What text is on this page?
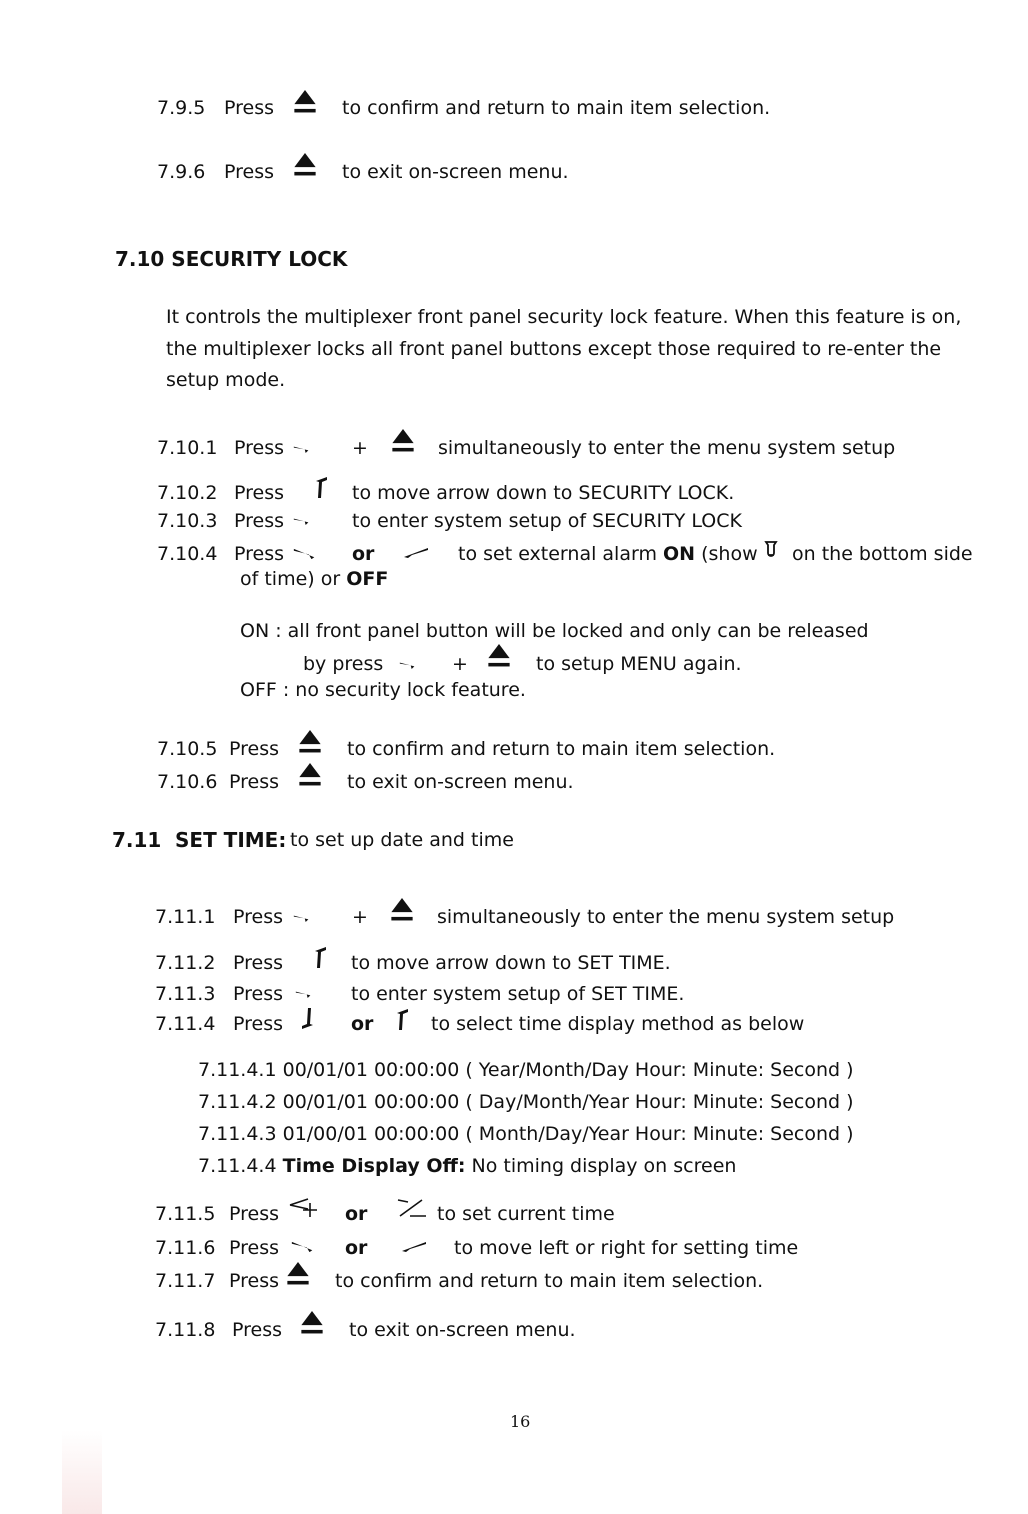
7.9.5 Press	to confirm and return to main item selection.
7.9.6 Press	to exit on-screen menu.
7.10 SECURITY LOCK
It controls the multiplexer front panel security lock feature. When this feature is on, the multiplexer locks all front panel buttons except those required to re-enter the setup mode.
7.10.1 Press	+	simultaneously to enter the menu system setup
7.10.2 Press	to move arrow down to SECURITY LOCK.
7.10.3 Press	to enter system setup of SECURITY LOCK
7.10.4 Press	or	to set external alarm ON (show on the bottom side
of time) or OFF
ON : all front panel button will be locked and only can be released
by press	+	to setup MENU again.
OFF : no security lock feature.
7.10.5 Press	to confirm and return to main item selection.
7.10.6 Press	to exit on-screen menu.
7.11 SET TIME: to set up date and time
7.11.1 Press	+	simultaneously to enter the menu system setup
7.11.2 Press	to move arrow down to SET TIME.
7.11.3 Press	to enter system setup of SET TIME.
7.11.4 Press	or	to select time display method as below
7.11.4.1 00/01/01 00:00:00 ( Year/Month/Day Hour: Minute: Second )
7.11.4.2 00/01/01 00:00:00 ( Day/Month/Year Hour: Minute: Second )
7.11.4.3 01/00/01 00:00:00 ( Month/Day/Year Hour: Minute: Second )
7.11.4.4 Time Display Off: No timing display on screen
7.11.5 Press	or	to set current time
7.11.6 Press	or	to move left or right for setting time
7.11.7 Press	to confirm and return to main item selection.
7.11.8 Press	to exit on-screen menu.
16
